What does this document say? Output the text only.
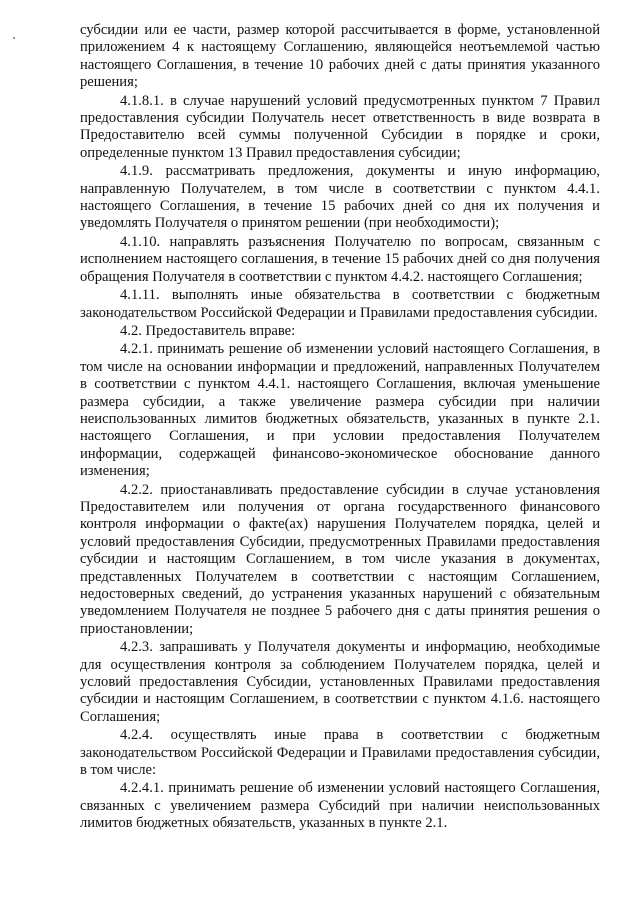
субсидии или ее части, размер которой рассчитывается в форме, установленной приложением 4 к настоящему Соглашению, являющейся неотъемлемой частью настоящего Соглашения, в течение 10 рабочих дней с даты принятия указанного решения;

4.1.8.1. в случае нарушений условий предусмотренных пунктом 7 Правил предоставления субсидии Получатель несет ответственность в виде возврата в Предоставителю всей суммы полученной Субсидии в порядке и сроки, определенные пунктом 13 Правил предоставления субсидии;

4.1.9. рассматривать предложения, документы и иную информацию, направленную Получателем, в том числе в соответствии с пунктом 4.4.1. настоящего Соглашения, в течение 15 рабочих дней со дня их получения и уведомлять Получателя о принятом решении (при необходимости);

4.1.10. направлять разъяснения Получателю по вопросам, связанным с исполнением настоящего соглашения, в течение 15 рабочих дней со дня получения обращения Получателя в соответствии с пунктом 4.4.2. настоящего Соглашения;

4.1.11. выполнять иные обязательства в соответствии с бюджетным законодательством Российской Федерации и Правилами предоставления субсидии.

4.2. Предоставитель вправе:

4.2.1. принимать решение об изменении условий настоящего Соглашения, в том числе на основании информации и предложений, направленных Получателем в соответствии с пунктом 4.4.1. настоящего Соглашения, включая уменьшение размера субсидии, а также увеличение размера субсидии при наличии неиспользованных лимитов бюджетных обязательств, указанных в пункте 2.1. настоящего Соглашения, и при условии предоставления Получателем информации, содержащей финансово-экономическое обоснование данного изменения;

4.2.2. приостанавливать предоставление субсидии в случае установления Предоставителем или получения от органа государственного финансового контроля информации о факте(ах) нарушения Получателем порядка, целей и условий предоставления Субсидии, предусмотренных Правилами предоставления субсидии и настоящим Соглашением, в том числе указания в документах, представленных Получателем в соответствии с настоящим Соглашением, недостоверных сведений, до устранения указанных нарушений с обязательным уведомлением Получателя не позднее 5 рабочего дня с даты принятия решения о приостановлении;

4.2.3. запрашивать у Получателя документы и информацию, необходимые для осуществления контроля за соблюдением Получателем порядка, целей и условий предоставления Субсидии, установленных Правилами предоставления субсидии и настоящим Соглашением, в соответствии с пунктом 4.1.6. настоящего Соглашения;

4.2.4. осуществлять иные права в соответствии с бюджетным законодательством Российской Федерации и Правилами предоставления субсидии, в том числе:

4.2.4.1. принимать решение об изменении условий настоящего Соглашения, связанных с увеличением размера Субсидий при наличии неиспользованных лимитов бюджетных обязательств, указанных в пункте 2.1.
